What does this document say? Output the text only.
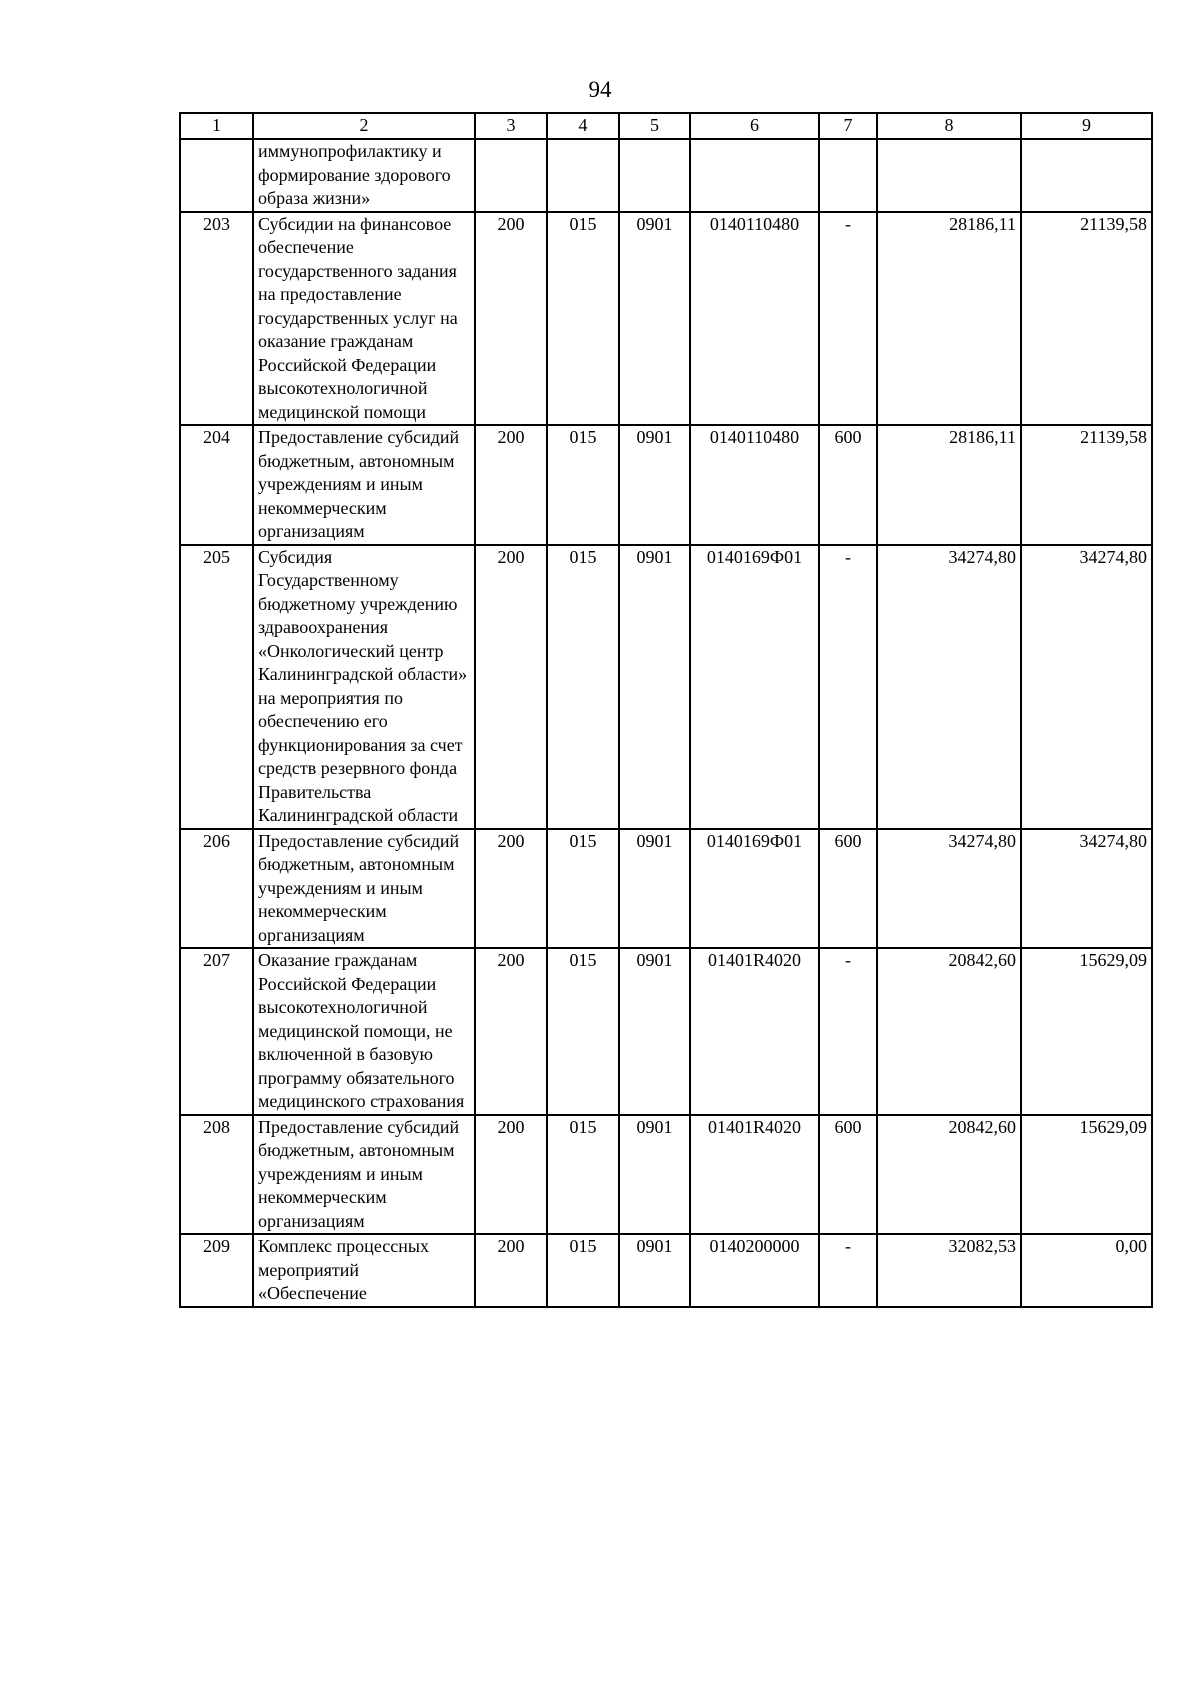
94
1	2	3	4	5	6	7	8	9
	иммунопрофилактику и формирование здорового образа жизни»							
203	Субсидии на финансовое обеспечение государственного задания на предоставление государственных услуг на оказание гражданам Российской Федерации высокотехнологичной медицинской помощи	200	015	0901	0140110480	-	28186,11	21139,58
204	Предоставление субсидий бюджетным, автономным учреждениям и иным некоммерческим организациям	200	015	0901	0140110480	600	28186,11	21139,58
205	Субсидия Государственному бюджетному учреждению здравоохранения «Онкологический центр Калининградской области» на мероприятия по обеспечению его функционирования за счет средств резервного фонда Правительства Калининградской области	200	015	0901	0140169Ф01	-	34274,80	34274,80
206	Предоставление субсидий бюджетным, автономным учреждениям и иным некоммерческим организациям	200	015	0901	0140169Ф01	600	34274,80	34274,80
207	Оказание гражданам Российской Федерации высокотехнологичной медицинской помощи, не включенной в базовую программу обязательного медицинского страхования	200	015	0901	01401R4020	-	20842,60	15629,09
208	Предоставление субсидий бюджетным, автономным учреждениям и иным некоммерческим организациям	200	015	0901	01401R4020	600	20842,60	15629,09
209	Комплекс процессных мероприятий «Обеспечение	200	015	0901	0140200000	-	32082,53	0,00
